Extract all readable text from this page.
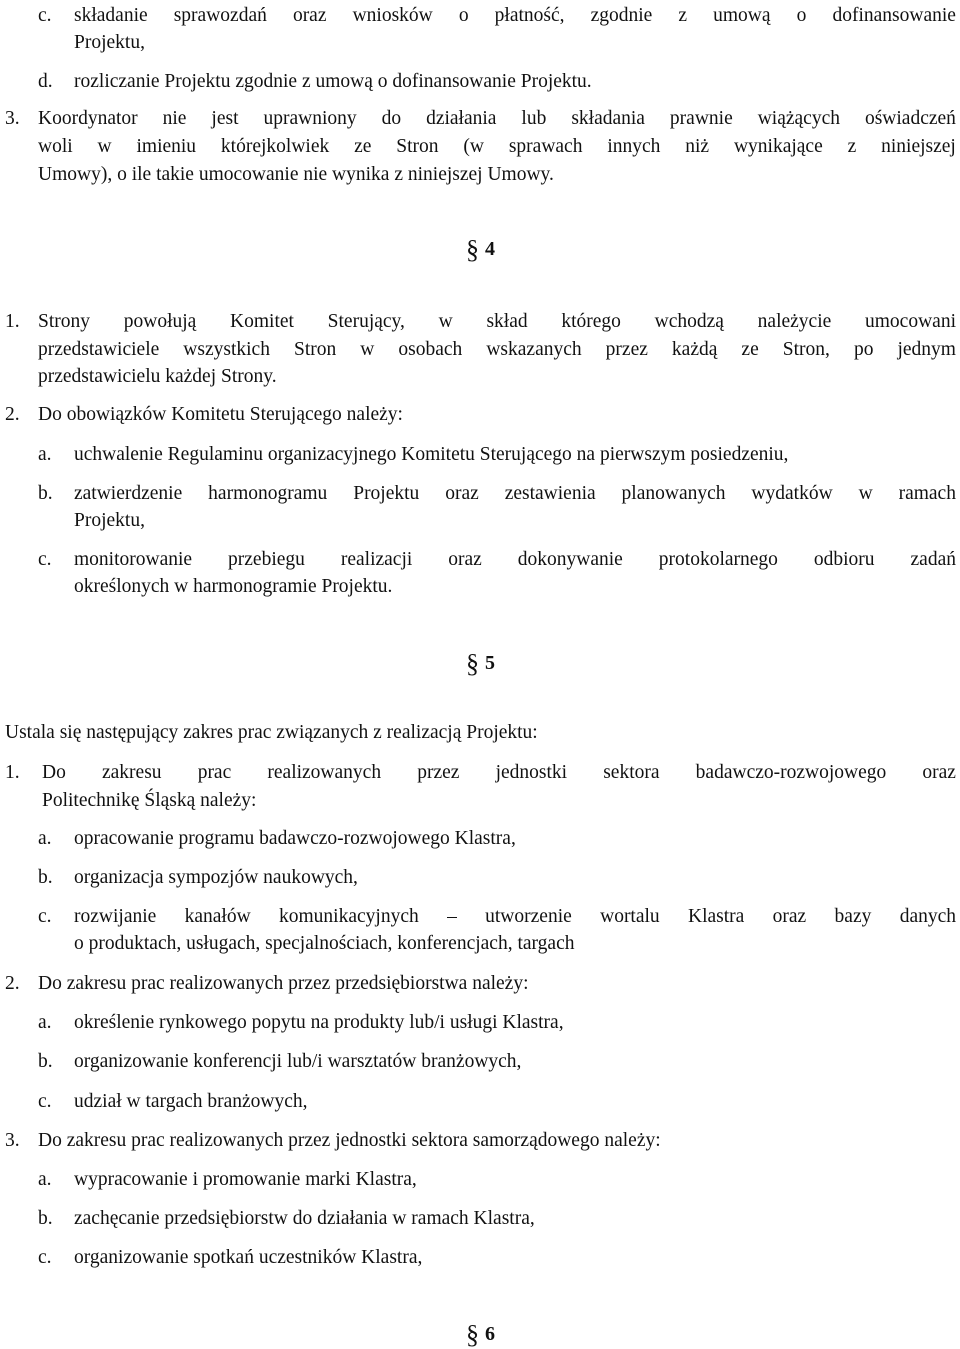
c. składanie sprawozdań oraz wniosków o płatność, zgodnie z umową o dofinansowanie
Projektu,
d. rozliczanie Projektu zgodnie z umową o dofinansowanie Projektu.
3. Koordynator nie jest uprawniony do działania lub składania prawnie wiążących oświadczeń
woli w imieniu którejkolwiek ze Stron (w sprawach innych niż wynikające z niniejszej
Umowy), o ile takie umocowanie nie wynika z niniejszej Umowy.
§ 4
1. Strony powołują Komitet Sterujący, w skład którego wchodzą należycie umocowani
przedstawiciele wszystkich Stron w osobach wskazanych przez każdą ze Stron, po jednym
przedstawicielu każdej Strony.
2. Do obowiązków Komitetu Sterującego należy:
a. uchwalenie Regulaminu organizacyjnego Komitetu Sterującego na pierwszym posiedzeniu,
b. zatwierdzenie harmonogramu Projektu oraz zestawienia planowanych wydatków w ramach
Projektu,
c. monitorowanie przebiegu realizacji oraz dokonywanie protokolarnego odbioru zadań
określonych w harmonogramie Projektu.
§ 5
Ustala się następujący zakres prac związanych z realizacją Projektu:
1. Do zakresu prac realizowanych przez jednostki sektora badawczo-rozwojowego oraz
Politechnikę Śląską należy:
a. opracowanie programu badawczo-rozwojowego Klastra,
b. organizacja sympozjów naukowych,
c. rozwijanie kanałów komunikacyjnych – utworzenie wortalu Klastra oraz bazy danych
o produktach, usługach, specjalnościach, konferencjach, targach
2. Do zakresu prac realizowanych przez przedsiębiorstwa należy:
a. określenie rynkowego popytu na produkty lub/i usługi Klastra,
b. organizowanie konferencji lub/i warsztatów branżowych,
c. udział w targach branżowych,
3. Do zakresu prac realizowanych przez jednostki sektora samorządowego należy:
a. wypracowanie i promowanie marki Klastra,
b. zachęcanie przedsiębiorstw do działania w ramach Klastra,
c. organizowanie spotkań uczestników Klastra,
§ 6
